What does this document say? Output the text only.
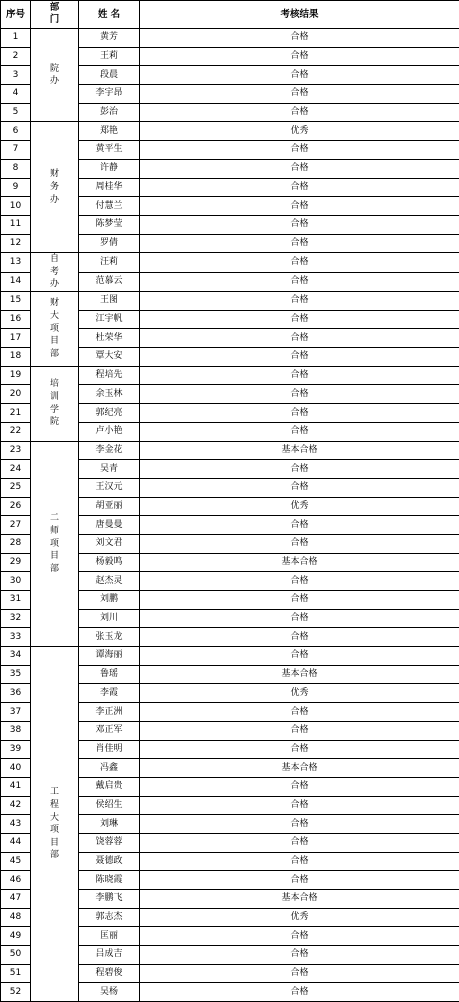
序号	部门	姓 名	考核结果
1	院办	黄芳	合格
2		王莉	合格
3		段晨	合格
4		李宇昂	合格
5		彭治	合格
6	财务办	郑艳	优秀
7		黄平生	合格
8		许静	合格
9		周桂华	合格
10		付慧兰	合格
11		陈梦莹	合格
12		罗倩	合格
13	自考办	汪莉	合格
14		范慕云	合格
15	财大项目部	王图	合格
16		江宇帆	合格
17		杜荣华	合格
18		覃大安	合格
19	培训学院	程培先	合格
20		余玉林	合格
21		郭纪亮	合格
22		卢小艳	合格
23	二师项目部	李金花	基本合格
24		吴青	合格
25		王汉元	合格
26		胡亚丽	优秀
27		唐曼曼	合格
28		刘文君	合格
29		杨毅鸣	基本合格
30		赵杰灵	合格
31		刘鹏	合格
32		刘川	合格
33		张玉龙	合格
34	工程大项目部	谭海丽	合格
35		鲁瑶	基本合格
36		李霞	优秀
37		李正洲	合格
38		邓正军	合格
39		肖佳明	合格
40		冯鑫	基本合格
41		戴启贵	合格
42		侯绍生	合格
43		刘琳	合格
44		饶蓉蓉	合格
45		聂德政	合格
46		陈晓霞	合格
47		李鹏飞	基本合格
48		郭志杰	优秀
49		匡丽	合格
50		吕成吉	合格
51		程碧俊	合格
52		吴杨	合格
